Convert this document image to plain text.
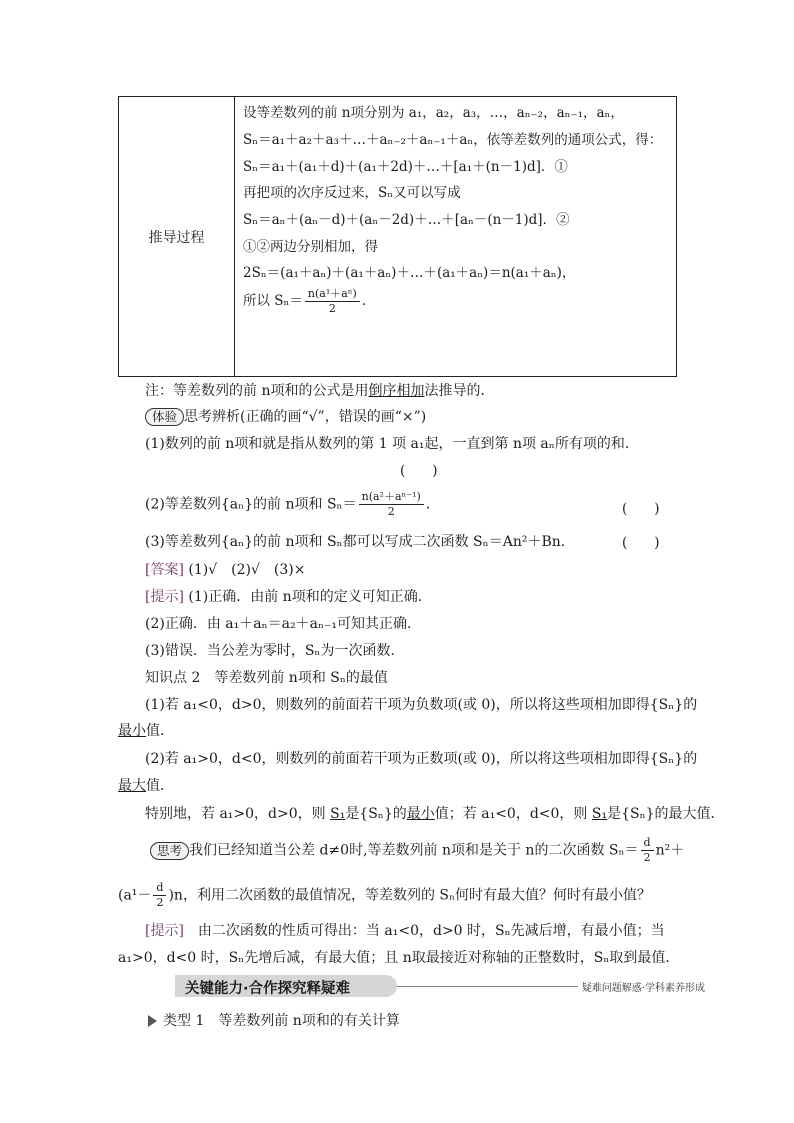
推导过程
设等差数列的前 n项分别为 a₁，a₂，a₃，…，aₙ₋₂，aₙ₋₁，aₙ，
Sₙ＝a₁＋a₂＋a₃＋…＋aₙ₋₂＋aₙ₋₁＋aₙ，依等差数列的通项公式，得：
Sₙ＝a₁＋(a₁＋d)＋(a₁＋2d)＋…＋[a₁＋(n－1)d]．①
再把项的次序反过来，Sₙ又可以写成
Sₙ＝aₙ＋(aₙ－d)＋(aₙ－2d)＋…＋[aₙ－(n－1)d]．②
①②两边分别相加，得
2Sₙ＝(a₁＋aₙ)＋(a₁＋aₙ)＋…＋(a₁＋aₙ)＝n(a₁＋aₙ)，
所以 $S_n= \frac{\text{n(a¹＋aⁿ)}}{2}$ .
注：等差数列的前 n项和的公式是用倒序相加法推导的．
体验 思考辨析(正确的画“√”，错误的画“×”)
(1)数列的前 n项和就是指从数列的第 1 项 a₁起，一直到第 n项 aₙ所有项的和．
(　　)
(2)等差数列{aₙ}的前 n项和 $S_n= \frac{\text{n(a²＋aⁿ⁻¹)}}{2}$ .	(　　)
(3)等差数列{aₙ}的前 n项和 Sₙ都可以写成二次函数 Sₙ＝An²＋Bn.	(　　)
[答案] (1)√　(2)√　(3)×
[提示] (1)正确．由前 n项和的定义可知正确．
(2)正确．由 a₁＋aₙ＝a₂＋aₙ₋₁可知其正确．
(3)错误．当公差为零时，Sₙ为一次函数．
知识点 2　等差数列前 n项和 Sₙ的最值
(1)若 a₁<0，d>0，则数列的前面若干项为负数项(或 0)，所以将这些项相加即得{Sₙ}的
最小值．
(2)若 a₁>0，d<0，则数列的前面若干项为正数项(或 0)，所以将这些项相加即得{Sₙ}的
最大值．
特别地，若 a₁>0，d>0，则 S₁是{Sₙ}的最小值；若 a₁<0，d<0，则 S₁是{Sₙ}的最大值．
思考 我们已经知道当公差 d≠0时,等差数列前 n项和是关于 n的二次函数 $S_n= \frac{d}{2} n^2+$
$(a^1- \frac{d}{2} )n$，利用二次函数的最值情况，等差数列的 Sₙ何时有最大值？何时有最小值？
[提示]　由二次函数的性质可得出：当 a₁<0，d>0 时，Sₙ先减后增，有最小值；当
a₁>0，d<0 时，Sₙ先增后减，有最大值；且 n取最接近对称轴的正整数时，Sₙ取到最值．
关键能力·合作探究释疑难	疑难问题解惑·学科素养形成
类型 1　等差数列前 n项和的有关计算
